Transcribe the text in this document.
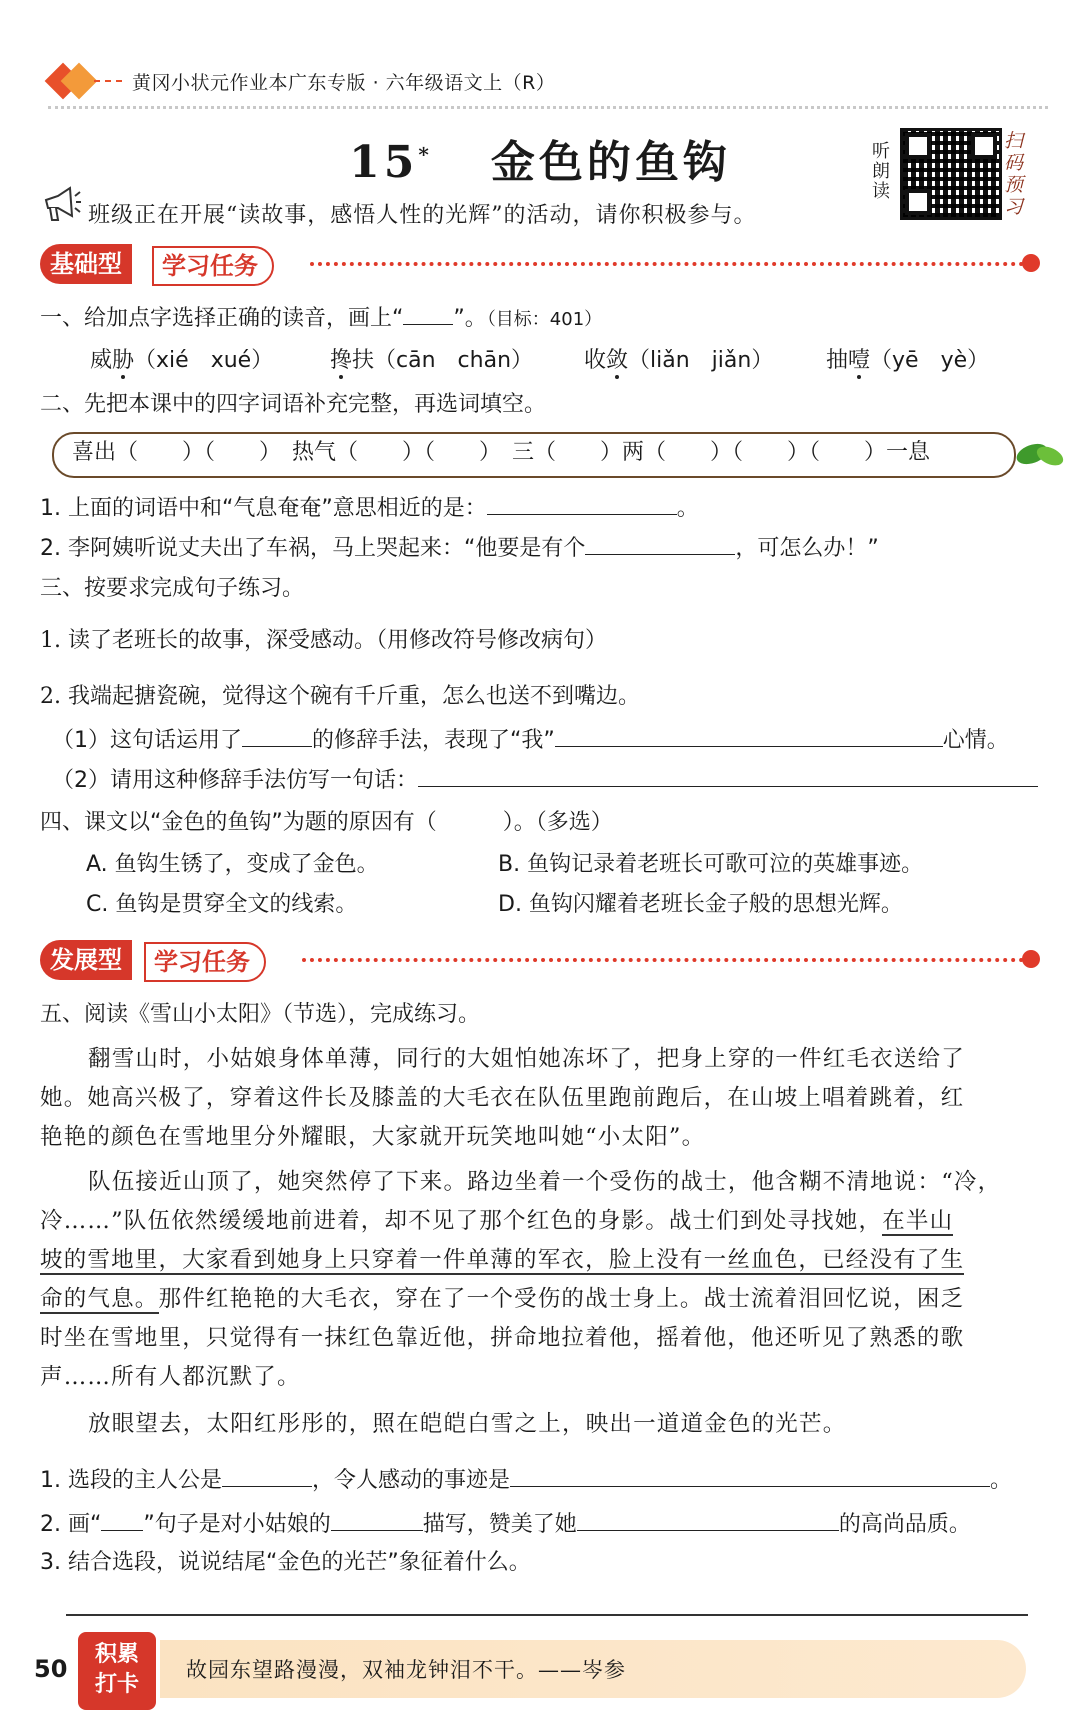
黄冈小状元作业本广东专版 · 六年级语文上（R）
15* 金色的鱼钩	听朗读
扫码预习
班级正在开展“读故事，感悟人性的光辉”的活动，请你积极参与。
基础型	学习任务
一、给加点字选择正确的读音，画上“ ”。（目标：401）
威胁（xié　xué）	搀扶（cān　chān） 收敛（liǎn　jiǎn） 抽噎（yē　yè）
二、先把本课中的四字词语补充完整，再选词填空。
喜出（　　）（　　）　热气（　　）（　　）　三（　　）两（　　）（　　）（　　）一息
1. 上面的词语中和“气息奄奄”意思相近的是：	。
2. 李阿姨听说丈夫出了车祸，马上哭起来：“他要是有个	，可怎么办！”
三、按要求完成句子练习。
1. 读了老班长的故事，深受感动。（用修改符号修改病句）
2. 我端起搪瓷碗，觉得这个碗有千斤重，怎么也送不到嘴边。
（1）这句话运用了	的修辞手法，表现了“我”	心情。
（2）请用这种修辞手法仿写一句话：
四、课文以“金色的鱼钩”为题的原因有（　　　）。（多选）
A. 鱼钩生锈了，变成了金色。	B. 鱼钩记录着老班长可歌可泣的英雄事迹。
C. 鱼钩是贯穿全文的线索。	D. 鱼钩闪耀着老班长金子般的思想光辉。
发展型	学习任务
五、阅读《雪山小太阳》（节选），完成练习。
翻雪山时，小姑娘身体单薄，同行的大姐怕她冻坏了，把身上穿的一件红毛衣送给了
她。她高兴极了，穿着这件长及膝盖的大毛衣在队伍里跑前跑后，在山坡上唱着跳着，红
艳艳的颜色在雪地里分外耀眼，大家就开玩笑地叫她“小太阳”。
队伍接近山顶了，她突然停了下来。路边坐着一个受伤的战士，他含糊不清地说：“冷，
冷……”队伍依然缓缓地前进着，却不见了那个红色的身影。战士们到处寻找她，在半山
坡的雪地里，大家看到她身上只穿着一件单薄的军衣，脸上没有一丝血色，已经没有了生
命的气息。那件红艳艳的大毛衣，穿在了一个受伤的战士身上。战士流着泪回忆说，困乏
时坐在雪地里，只觉得有一抹红色靠近他，拼命地拉着他，摇着他，他还听见了熟悉的歌
声……所有人都沉默了。
放眼望去，太阳红彤彤的，照在皑皑白雪之上，映出一道道金色的光芒。
1. 选段的主人公是	，令人感动的事迹是	。
2. 画“ ”句子是对小姑娘的	描写，赞美了她	的高尚品质。
3. 结合选段，说说结尾“金色的光芒”象征着什么。
50
积累
打卡
故园东望路漫漫，双袖龙钟泪不干。——岑参
